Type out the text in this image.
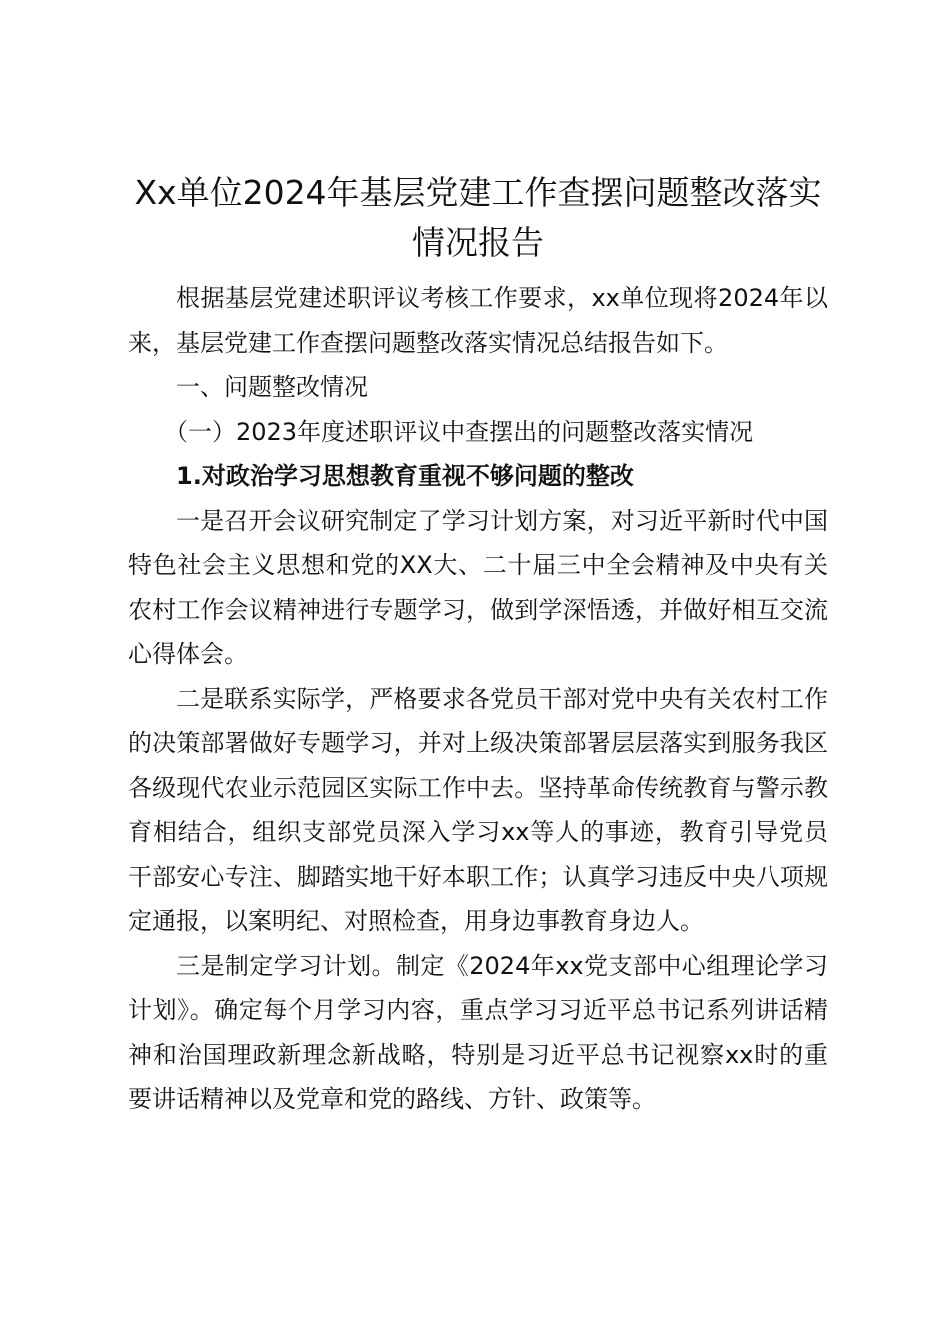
Xx单位2024年基层党建工作查摆问题整改落实情况报告

根据基层党建述职评议考核工作要求，xx单位现将2024年以来，基层党建工作查摆问题整改落实情况总结报告如下。

一、问题整改情况

（一）2023年度述职评议中查摆出的问题整改落实情况

1.对政治学习思想教育重视不够问题的整改

一是召开会议研究制定了学习计划方案，对习近平新时代中国特色社会主义思想和党的XX大、二十届三中全会精神及中央有关农村工作会议精神进行专题学习，做到学深悟透，并做好相互交流心得体会。

二是联系实际学，严格要求各党员干部对党中央有关农村工作的决策部署做好专题学习，并对上级决策部署层层落实到服务我区各级现代农业示范园区实际工作中去。坚持革命传统教育与警示教育相结合，组织支部党员深入学习xx等人的事迹，教育引导党员干部安心专注、脚踏实地干好本职工作；认真学习违反中央八项规定通报，以案明纪、对照检查，用身边事教育身边人。

三是制定学习计划。制定《2024年xx党支部中心组理论学习计划》。确定每个月学习内容，重点学习习近平总书记系列讲话精神和治国理政新理念新战略，特别是习近平总书记视察xx时的重要讲话精神以及党章和党的路线、方针、政策等。
